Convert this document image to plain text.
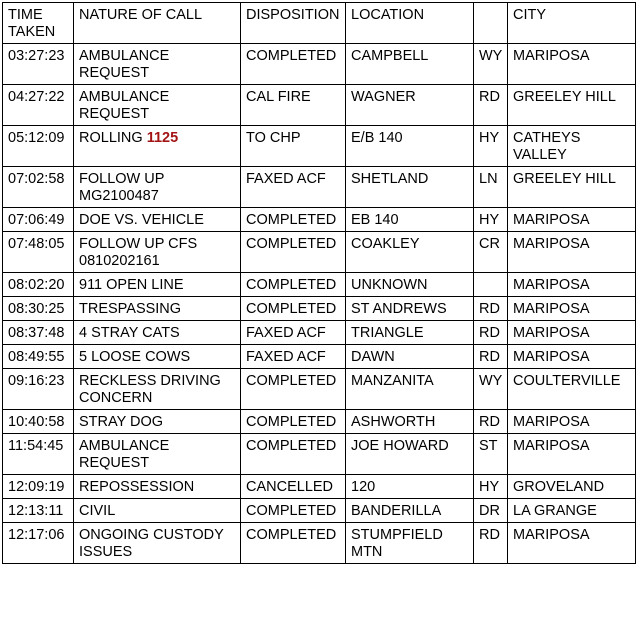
TIME
TAKEN	NATURE OF CALL	DISPOSITION	LOCATION		CITY
03:27:23	AMBULANCE REQUEST	COMPLETED	CAMPBELL	WY	MARIPOSA
04:27:22	AMBULANCE REQUEST	CAL FIRE	WAGNER	RD	GREELEY HILL
05:12:09	ROLLING 1125	TO CHP	E/B 140	HY	CATHEYS VALLEY
07:02:58	FOLLOW UP MG2100487	FAXED ACF	SHETLAND	LN	GREELEY HILL
07:06:49	DOE VS. VEHICLE	COMPLETED	EB 140	HY	MARIPOSA
07:48:05	FOLLOW UP CFS 0810202161	COMPLETED	COAKLEY	CR	MARIPOSA
08:02:20	911 OPEN LINE	COMPLETED	UNKNOWN		MARIPOSA
08:30:25	TRESPASSING	COMPLETED	ST ANDREWS	RD	MARIPOSA
08:37:48	4 STRAY CATS	FAXED ACF	TRIANGLE	RD	MARIPOSA
08:49:55	5 LOOSE COWS	FAXED ACF	DAWN	RD	MARIPOSA
09:16:23	RECKLESS DRIVING CONCERN	COMPLETED	MANZANITA	WY	COULTERVILLE
10:40:58	STRAY DOG	COMPLETED	ASHWORTH	RD	MARIPOSA
11:54:45	AMBULANCE REQUEST	COMPLETED	JOE HOWARD	ST	MARIPOSA
12:09:19	REPOSSESSION	CANCELLED	120	HY	GROVELAND
12:13:11	CIVIL	COMPLETED	BANDERILLA	DR	LA GRANGE
12:17:06	ONGOING CUSTODY ISSUES	COMPLETED	STUMPFIELD MTN	RD	MARIPOSA
